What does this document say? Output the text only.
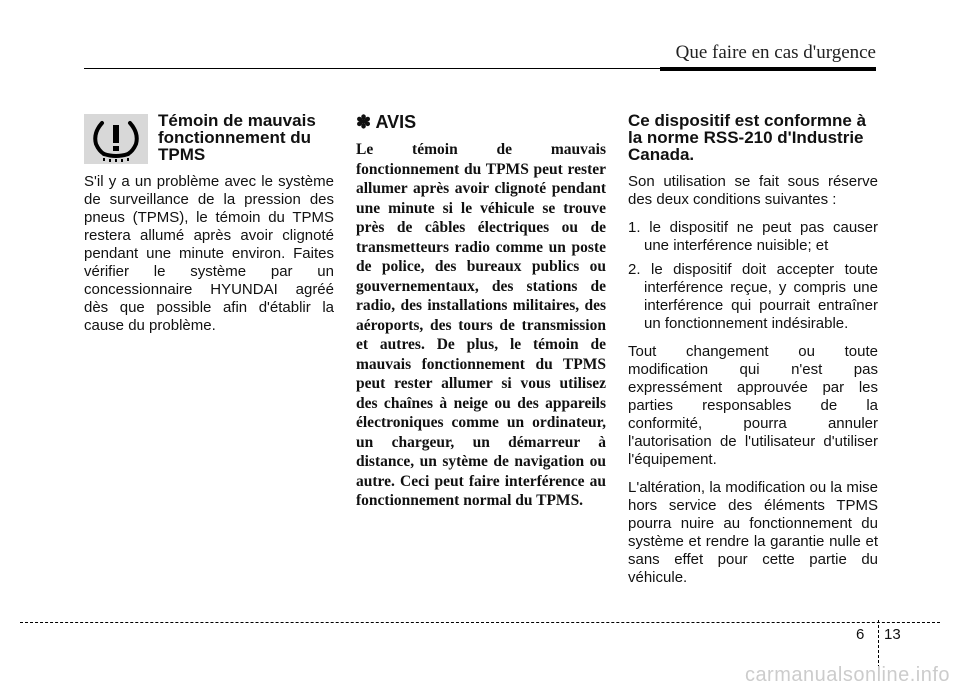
Que faire en cas d'urgence
Témoin de mauvais fonctionnement du TPMS

S'il y a un problème avec le système de surveillance de la pression des pneus (TPMS), le témoin du TPMS restera allumé après avoir clignoté pendant une minute environ. Faites vérifier le système par un concessionnaire HYUNDAI agréé dès que possible afin d'établir la cause du problème.

✽ AVIS

Le témoin de mauvais fonctionnement du TPMS peut rester allumer après avoir clignoté pendant une minute si le véhicule se trouve près de câbles électriques ou de transmetteurs radio comme un poste de police, des bureaux publics ou gouvernementaux, des stations de radio, des installations militaires, des aéroports, des tours de transmission et autres. De plus, le témoin de mauvais fonctionnement du TPMS peut rester allumer si vous utilisez des chaînes à neige ou des appareils électroniques comme un ordinateur, un chargeur, un démarreur à distance, un sytème de navigation ou autre. Ceci peut faire interférence au fonctionnement normal du TPMS.

Ce dispositif est conformne à la norme RSS-210 d'Industrie Canada.

Son utilisation se fait sous réserve des deux conditions suivantes :

1. le dispositif ne peut pas causer une interférence nuisible; et
2. le dispositif doit accepter toute interférence reçue, y compris une interférence qui pourrait entraîner un fonctionnement indésirable.

Tout changement ou toute modification qui n'est pas expressément approuvée par les parties responsables de la conformité, pourra annuler l'autorisation de l'utilisateur d'utiliser l'équipement.

L'altération, la modification ou la mise hors service des éléments TPMS pourra nuire au fonctionnement du système et rendre la garantie nulle et sans effet pour cette partie du véhicule.

6 13
carmanualsonline.info
